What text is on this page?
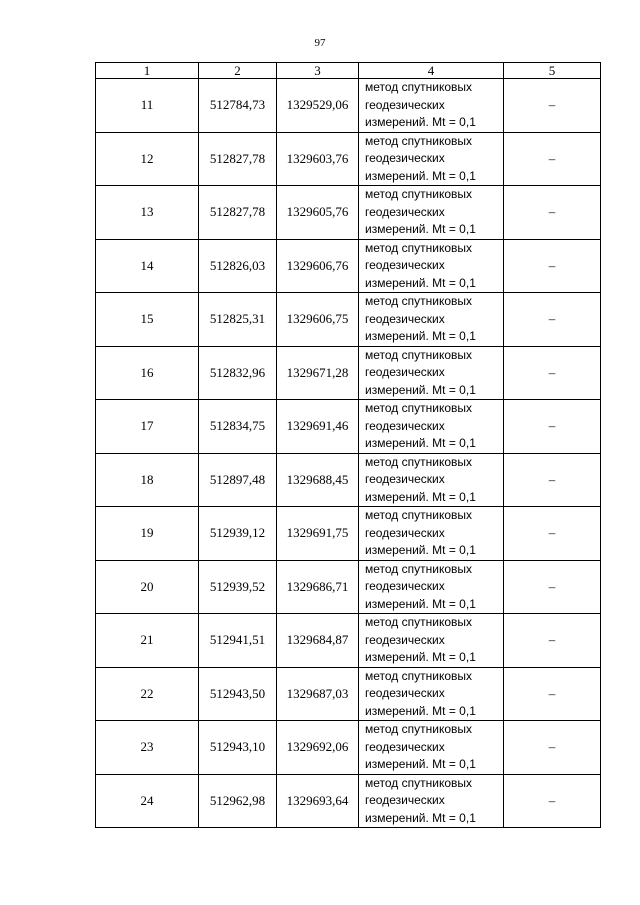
97
1	2	3	4	5
11	512784,73	1329529,06	метод спутниковых
геодезических
измерений. Mt = 0,1	–
12	512827,78	1329603,76	метод спутниковых
геодезических
измерений. Mt = 0,1	–
13	512827,78	1329605,76	метод спутниковых
геодезических
измерений. Mt = 0,1	–
14	512826,03	1329606,76	метод спутниковых
геодезических
измерений. Mt = 0,1	–
15	512825,31	1329606,75	метод спутниковых
геодезических
измерений. Mt = 0,1	–
16	512832,96	1329671,28	метод спутниковых
геодезических
измерений. Mt = 0,1	–
17	512834,75	1329691,46	метод спутниковых
геодезических
измерений. Mt = 0,1	–
18	512897,48	1329688,45	метод спутниковых
геодезических
измерений. Mt = 0,1	–
19	512939,12	1329691,75	метод спутниковых
геодезических
измерений. Mt = 0,1	–
20	512939,52	1329686,71	метод спутниковых
геодезических
измерений. Mt = 0,1	–
21	512941,51	1329684,87	метод спутниковых
геодезических
измерений. Mt = 0,1	–
22	512943,50	1329687,03	метод спутниковых
геодезических
измерений. Mt = 0,1	–
23	512943,10	1329692,06	метод спутниковых
геодезических
измерений. Mt = 0,1	–
24	512962,98	1329693,64	метод спутниковых
геодезических
измерений. Mt = 0,1	–
